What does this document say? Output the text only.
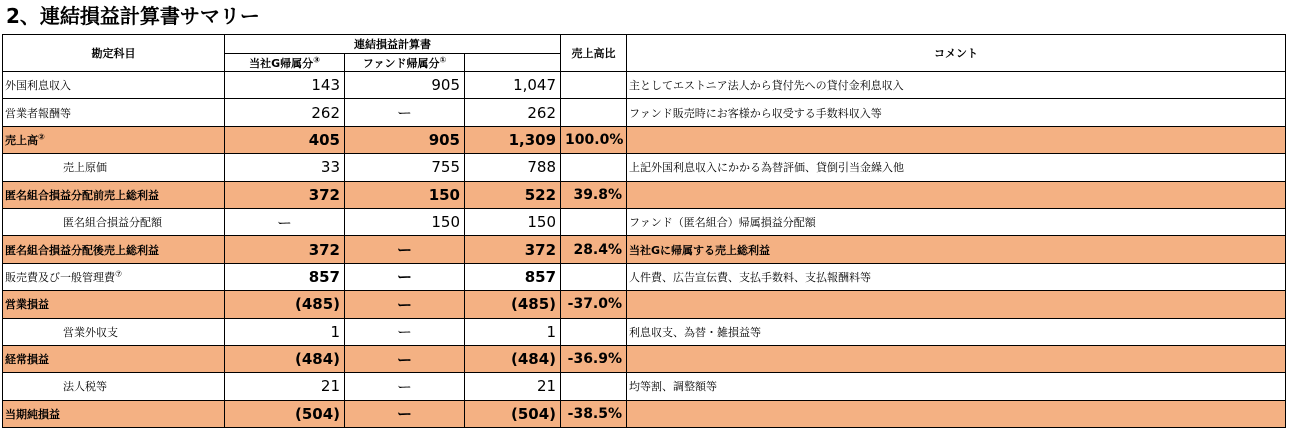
2、連結損益計算書サマリー
勘定科目	連結損益計算書			売上高比	コメント
	当社G帰属分③	ファンド帰属分①	
外国利息収入	143	905	1,047		主としてエストニア法人から貸付先への貸付金利息収入
営業者報酬等	262	ー	262		ファンド販売時にお客様から収受する手数料収入等
売上高②	405	905	1,309	100.0%	
売上原価	33	755	788		上記外国利息収入にかかる為替評価、貸倒引当金繰入他
匿名組合損益分配前売上総利益	372	150	522	39.8%	
匿名組合損益分配額	ー	150	150		ファンド（匿名組合）帰属損益分配額
匿名組合損益分配後売上総利益	372	ー	372	28.4%	当社Gに帰属する売上総利益
販売費及び一般管理費⑦	857	ー	857		人件費、広告宣伝費、支払手数料、支払報酬料等
営業損益	(485)	ー	(485)	-37.0%	
営業外収支	1	ー	1		利息収支、為替・雑損益等
経常損益	(484)	ー	(484)	-36.9%	
法人税等	21	ー	21		均等割、調整額等
当期純損益	(504)	ー	(504)	-38.5%	
